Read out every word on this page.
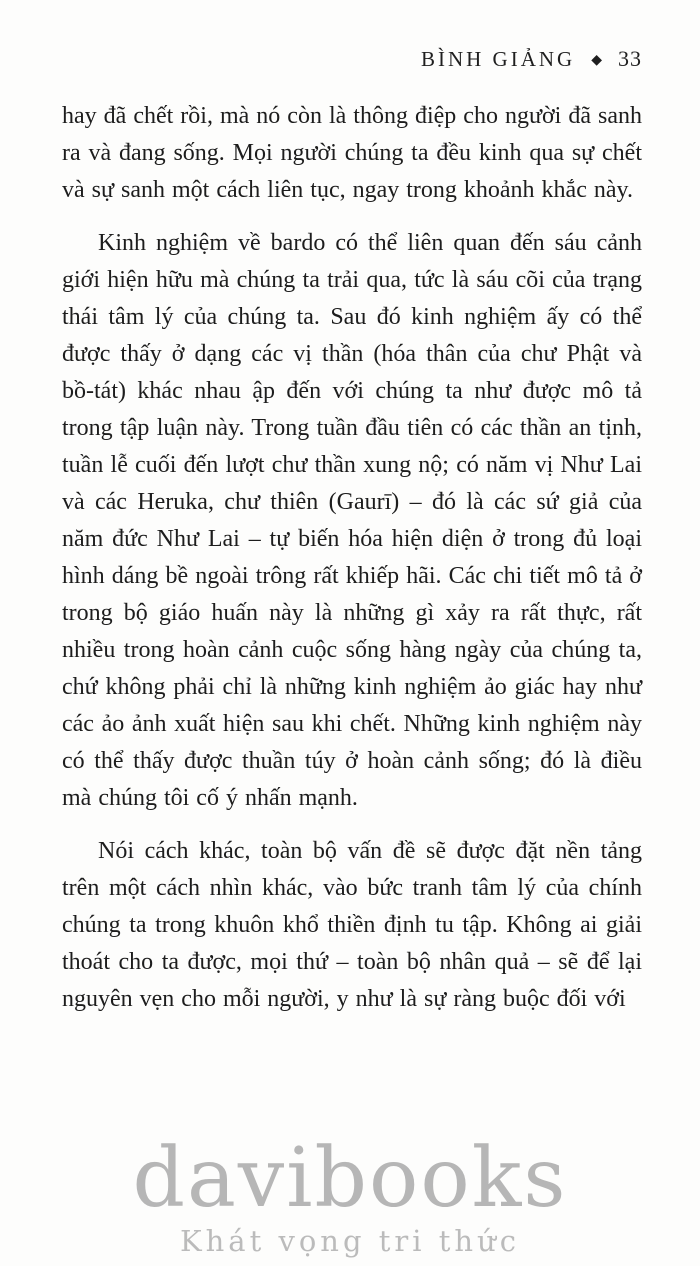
BÌNH GIẢNG ◆ 33

hay đã chết rồi, mà nó còn là thông điệp cho người đã sanh ra và đang sống. Mọi người chúng ta đều kinh qua sự chết và sự sanh một cách liên tục, ngay trong khoảnh khắc này.

Kinh nghiệm về bardo có thể liên quan đến sáu cảnh giới hiện hữu mà chúng ta trải qua, tức là sáu cõi của trạng thái tâm lý của chúng ta. Sau đó kinh nghiệm ấy có thể được thấy ở dạng các vị thần (hóa thân của chư Phật và bồ-tát) khác nhau ập đến với chúng ta như được mô tả trong tập luận này. Trong tuần đầu tiên có các thần an tịnh, tuần lễ cuối đến lượt chư thần xung nộ; có năm vị Như Lai và các Heruka, chư thiên (Gaurī) – đó là các sứ giả của năm đức Như Lai – tự biến hóa hiện diện ở trong đủ loại hình dáng bề ngoài trông rất khiếp hãi. Các chi tiết mô tả ở trong bộ giáo huấn này là những gì xảy ra rất thực, rất nhiều trong hoàn cảnh cuộc sống hàng ngày của chúng ta, chứ không phải chỉ là những kinh nghiệm ảo giác hay như các ảo ảnh xuất hiện sau khi chết. Những kinh nghiệm này có thể thấy được thuần túy ở hoàn cảnh sống; đó là điều mà chúng tôi cố ý nhấn mạnh.

Nói cách khác, toàn bộ vấn đề sẽ được đặt nền tảng trên một cách nhìn khác, vào bức tranh tâm lý của chính chúng ta trong khuôn khổ thiền định tu tập. Không ai giải thoát cho ta được, mọi thứ – toàn bộ nhân quả – sẽ để lại nguyên vẹn cho mỗi người, y như là sự ràng buộc đối với

davibooks
Khát vọng tri thức
